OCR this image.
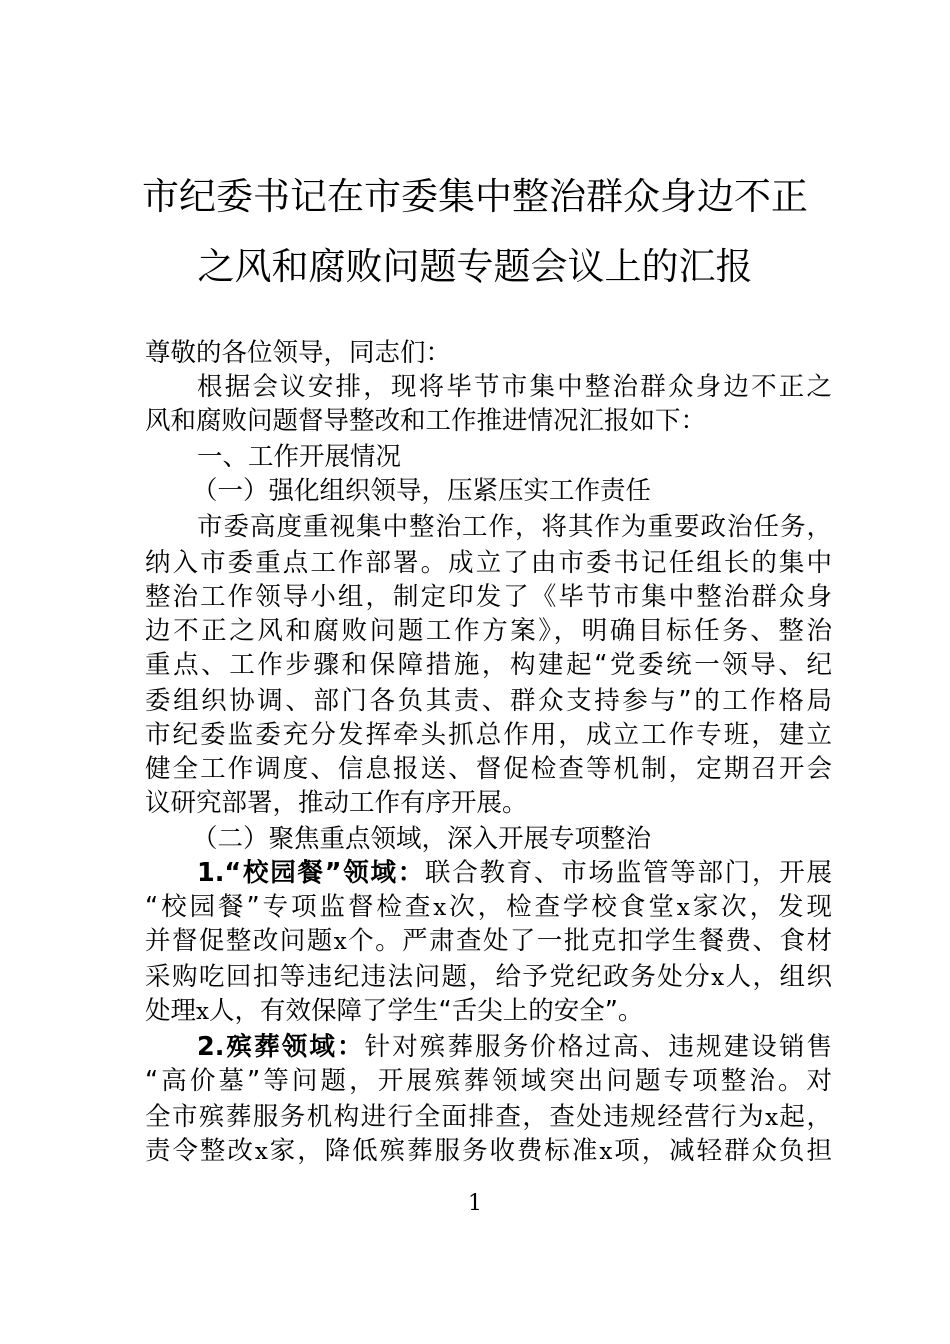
市纪委书记在市委集中整治群众身边不正
之风和腐败问题专题会议上的汇报
尊敬的各位领导，同志们：
根据会议安排，现将毕节市集中整治群众身边不正之
风和腐败问题督导整改和工作推进情况汇报如下：
一、工作开展情况
（一）强化组织领导，压紧压实工作责任
市委高度重视集中整治工作，将其作为重要政治任务，
纳入市委重点工作部署。成立了由市委书记任组长的集中
整治工作领导小组，制定印发了《毕节市集中整治群众身
边不正之风和腐败问题工作方案》，明确目标任务、整治
重点、工作步骤和保障措施，构建起“党委统一领导、纪
委组织协调、部门各负其责、群众支持参与”的工作格局
市纪委监委充分发挥牵头抓总作用，成立工作专班，建立
健全工作调度、信息报送、督促检查等机制，定期召开会
议研究部署，推动工作有序开展。
（二）聚焦重点领域，深入开展专项整治
1.“校园餐”领域：联合教育、市场监管等部门，开展
“校园餐”专项监督检查x次，检查学校食堂x家次，发现
并督促整改问题x个。严肃查处了一批克扣学生餐费、食材
采购吃回扣等违纪违法问题，给予党纪政务处分x人，组织
处理x人，有效保障了学生“舌尖上的安全”。
2.殡葬领域：针对殡葬服务价格过高、违规建设销售
“高价墓”等问题，开展殡葬领域突出问题专项整治。对
全市殡葬服务机构进行全面排查，查处违规经营行为x起，
责令整改x家，降低殡葬服务收费标准x项，减轻群众负担
1
